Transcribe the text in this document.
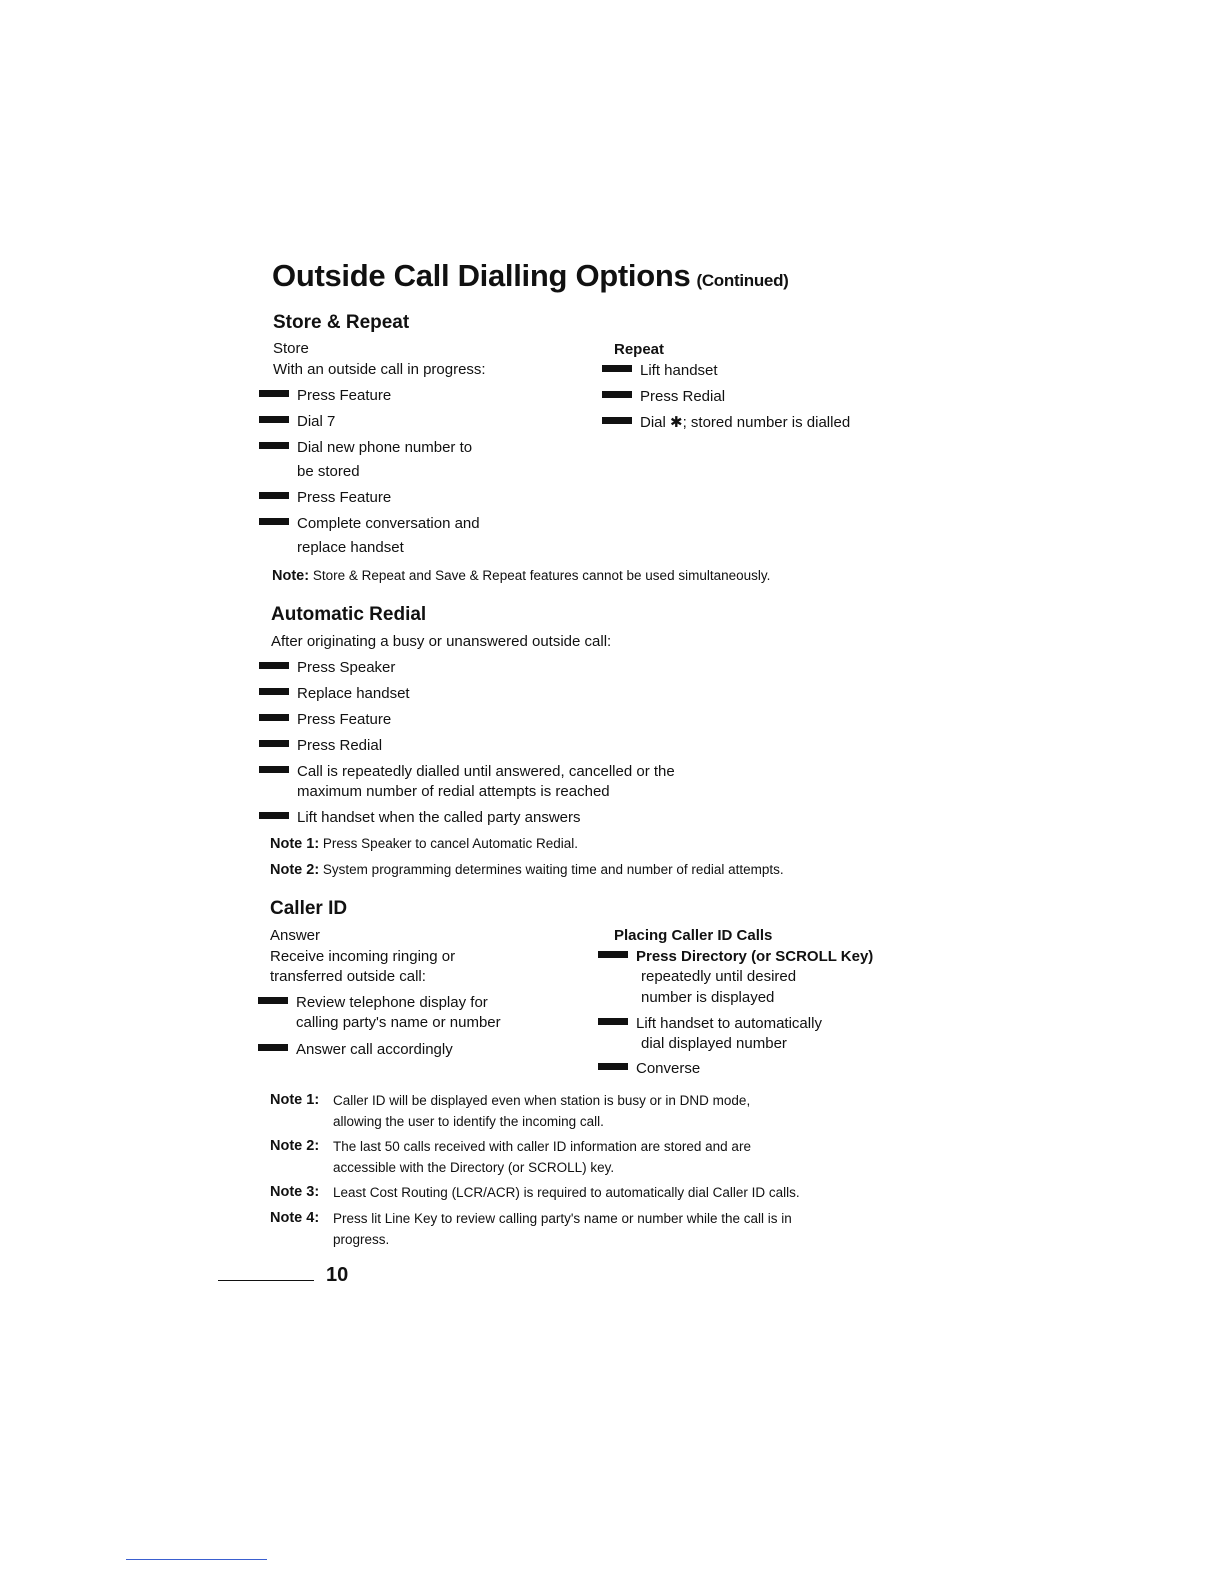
Outside Call Dialling Options (Continued)
Store & Repeat
Store
With an outside call in progress:
Press Feature
Dial 7
Dial new phone number to
be stored
Press Feature
Complete conversation and
replace handset
Repeat
Lift handset
Press Redial
Dial ✱; stored number is dialled
Note: Store & Repeat and Save & Repeat features cannot be used simultaneously.
Automatic Redial
After originating a busy or unanswered outside call:
Press Speaker
Replace handset
Press Feature
Press Redial
Call is repeatedly dialled until answered, cancelled or the
maximum number of redial attempts is reached
Lift handset when the called party answers
Note 1: Press Speaker to cancel Automatic Redial.
Note 2: System programming determines waiting time and number of redial attempts.
Caller ID
Answer
Receive incoming ringing or
transferred outside call:
Review telephone display for
calling party's name or number
Answer call accordingly
Placing Caller ID Calls
Press Directory (or SCROLL Key)
repeatedly until desired
number is displayed
Lift handset to automatically
dial displayed number
Converse
Note 1: Caller ID will be displayed even when station is busy or in DND mode,
allowing the user to identify the incoming call.
Note 2: The last 50 calls received with caller ID information are stored and are
accessible with the Directory (or SCROLL) key.
Note 3: Least Cost Routing (LCR/ACR) is required to automatically dial Caller ID calls.
Note 4: Press lit Line Key to review calling party's name or number while the call is in
progress.
10
